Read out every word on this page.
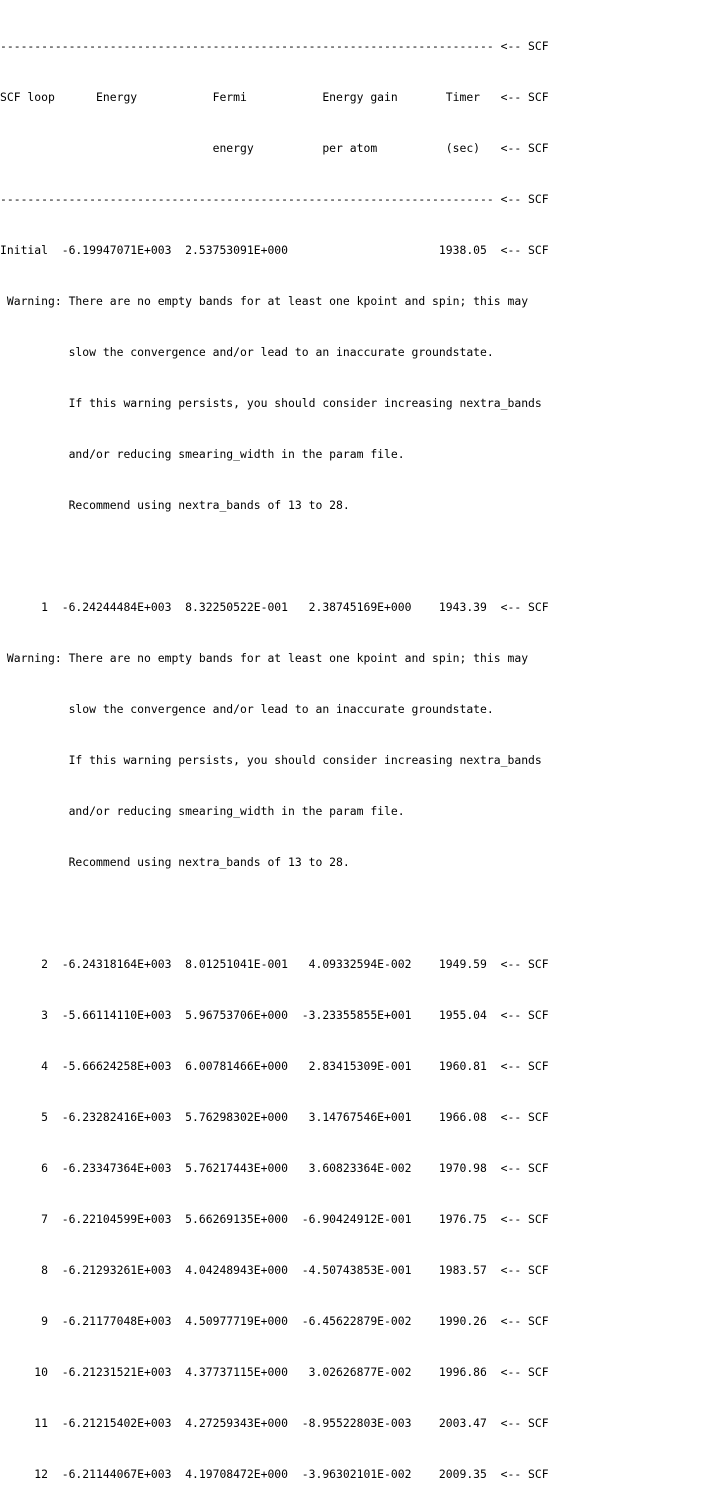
------------------------------------------------------------------------ <-- SCF

SCF loop      Energy           Fermi           Energy gain       Timer   <-- SCF

energy          per atom          (sec)   <-- SCF

------------------------------------------------------------------------ <-- SCF

Initial  -6.19947071E+003  2.53753091E+000                      1938.05  <-- SCF

Warning: There are no empty bands for at least one kpoint and spin; this may

slow the convergence and/or lead to an inaccurate groundstate.

If this warning persists, you should consider increasing nextra_bands

and/or reducing smearing_width in the param file.

Recommend using nextra_bands of 13 to 28.

1  -6.24244484E+003  8.32250522E-001   2.38745169E+000    1943.39  <-- SCF

Warning: There are no empty bands for at least one kpoint and spin; this may

slow the convergence and/or lead to an inaccurate groundstate.

If this warning persists, you should consider increasing nextra_bands

and/or reducing smearing_width in the param file.

Recommend using nextra_bands of 13 to 28.

2  -6.24318164E+003  8.01251041E-001   4.09332594E-002    1949.59  <-- SCF

3  -5.66114110E+003  5.96753706E+000  -3.23355855E+001    1955.04  <-- SCF

4  -5.66624258E+003  6.00781466E+000   2.83415309E-001    1960.81  <-- SCF

5  -6.23282416E+003  5.76298302E+000   3.14767546E+001    1966.08  <-- SCF

6  -6.23347364E+003  5.76217443E+000   3.60823364E-002    1970.98  <-- SCF

7  -6.22104599E+003  5.66269135E+000  -6.90424912E-001    1976.75  <-- SCF

8  -6.21293261E+003  4.04248943E+000  -4.50743853E-001    1983.57  <-- SCF

9  -6.21177048E+003  4.50977719E+000  -6.45622879E-002    1990.26  <-- SCF

10  -6.21231521E+003  4.37737115E+000   3.02626877E-002    1996.86  <-- SCF

11  -6.21215402E+003  4.27259343E+000  -8.95522803E-003    2003.47  <-- SCF

12  -6.21144067E+003  4.19708472E+000  -3.96302101E-002    2009.35  <-- SCF
